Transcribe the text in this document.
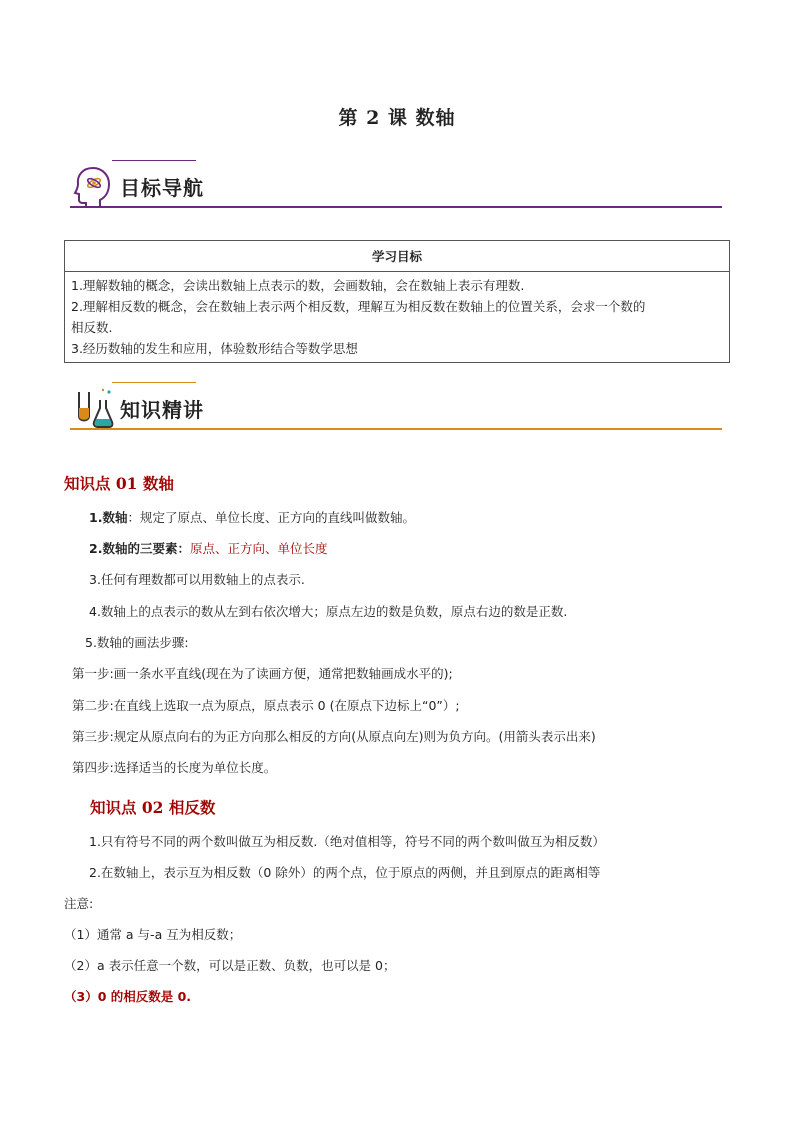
第 2 课 数轴
目标导航
学习目标

1.理解数轴的概念，会读出数轴上点表示的数，会画数轴，会在数轴上表示有理数.
2.理解相反数的概念，会在数轴上表示两个相反数，理解互为相反数在数轴上的位置关系，会求一个数的
相反数.
3.经历数轴的发生和应用，体验数形结合等数学思想
知识精讲
知识点 01 数轴
1.数轴：规定了原点、单位长度、正方向的直线叫做数轴。
2.数轴的三要素：原点、正方向、单位长度
3.任何有理数都可以用数轴上的点表示.
4.数轴上的点表示的数从左到右依次增大；原点左边的数是负数，原点右边的数是正数.
5.数轴的画法步骤:
第一步:画一条水平直线(现在为了读画方便，通常把数轴画成水平的);
第二步:在直线上选取一点为原点，原点表示 0 (在原点下边标上“0”）;
第三步:规定从原点向右的为正方向那么相反的方向(从原点向左)则为负方向。(用箭头表示出来)
第四步:选择适当的长度为单位长度。
知识点 02 相反数
1.只有符号不同的两个数叫做互为相反数.（绝对值相等，符号不同的两个数叫做互为相反数）
2.在数轴上，表示互为相反数（0 除外）的两个点，位于原点的两侧，并且到原点的距离相等
注意:
（1）通常 a 与-a 互为相反数；
（2）a 表示任意一个数，可以是正数、负数，也可以是 0；
（3）0 的相反数是 0.
